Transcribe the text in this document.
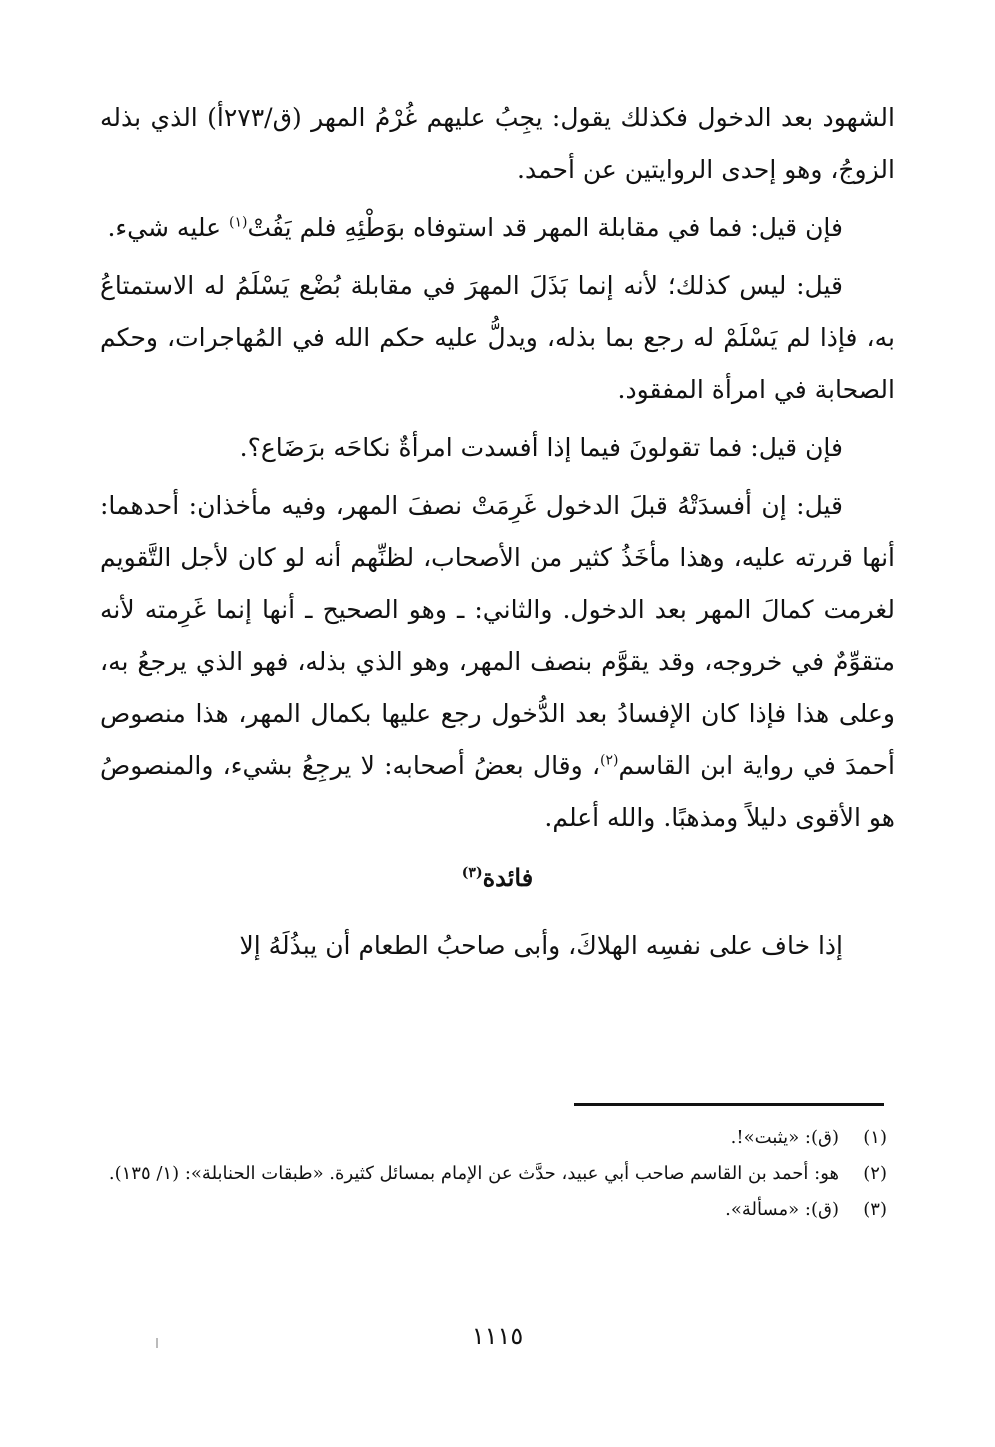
الشهود بعد الدخول فكذلك يقول: يجِبُ عليهم غُرْمُ المهر (ق/٢٧٣أ) الذي بذله الزوجُ، وهو إحدى الروايتين عن أحمد.

فإن قيل: فما في مقابلة المهر قد استوفاه بوَطْئِهِ فلم يَفُتْ$^{(١)}$ عليه شيء.

قيل: ليس كذلك؛ لأنه إنما بَذَلَ المهرَ في مقابلة بُضْع يَسْلَمُ له الاستمتاعُ به، فإذا لم يَسْلَمْ له رجع بما بذله، ويدلُّ عليه حكم الله في المُهاجرات، وحكم الصحابة في امرأة المفقود.

فإن قيل: فما تقولونَ فيما إذا أفسدت امرأةٌ نكاحَه برَضَاع؟.

قيل: إن أفسدَتْهُ قبلَ الدخول غَرِمَتْ نصفَ المهر، وفيه مأخذان: أحدهما: أنها قررته عليه، وهذا مأخَذُ كثير من الأصحاب، لظنِّهم أنه لو كان لأجل التَّقويم لغرمت كمالَ المهر بعد الدخول. والثاني: ـ وهو الصحيح ـ أنها إنما غَرِمته لأنه متقوِّمٌ في خروجه، وقد يقوَّم بنصف المهر، وهو الذي بذله، فهو الذي يرجعُ به، وعلى هذا فإذا كان الإفسادُ بعد الدُّخول رجع عليها بكمال المهر، هذا منصوص أحمدَ في رواية ابن القاسم$^{(٢)}$، وقال بعضُ أصحابه: لا يرجِعُ بشيء، والمنصوصُ هو الأقوى دليلاً ومذهبًا. والله أعلم.

فائدة$^{(٣)}$

إذا خاف على نفسِه الهلاكَ، وأبى صاحبُ الطعام أن يبذُلَهُ إلا

(١)
(ق): «يثبت»!.
(٢)
هو: أحمد بن القاسم صاحب أبي عبيد، حدَّث عن الإمام بمسائل كثيرة. «طبقات الحنابلة»: (١/ ١٣٥).
(٣)
(ق): «مسألة».
١١١٥
